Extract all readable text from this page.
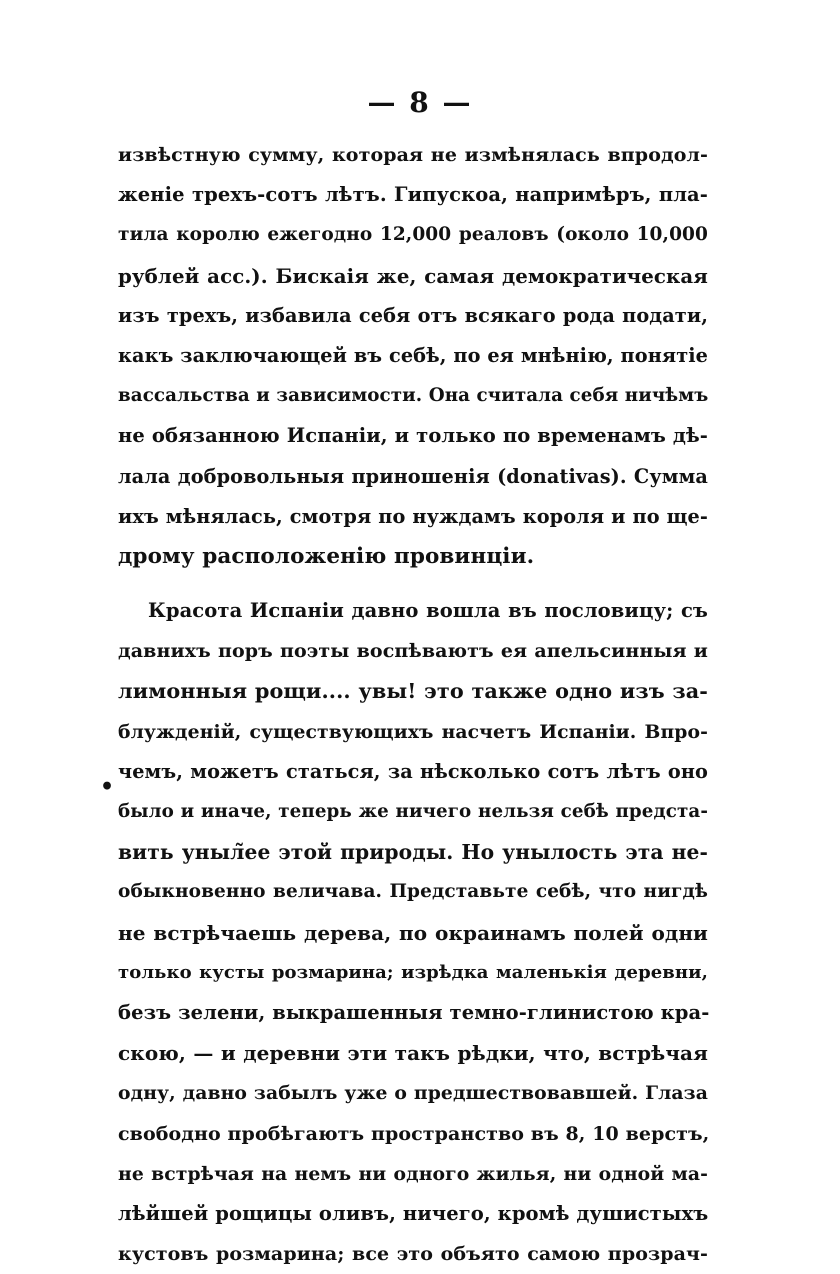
— 8 —
•
извѣстную сумму, которая не измѣнялась впродол-
женіе трехъ-сотъ лѣтъ. Гипускоа, напримѣръ, пла-
тила королю ежегодно 12,000 реаловъ (около 10,000
рублей асс.). Бискаія же, самая демократическая
изъ трехъ, избавила себя отъ всякаго рода подати,
какъ заключающей въ себѣ, по ея мнѣнію, понятіе
вассальства и зависимости. Она считала себя ничѣмъ
не обязанною Испаніи, и только по временамъ дѣ-
лала добровольныя приношенія (donativas). Сумма
ихъ мѣнялась, смотря по нуждамъ короля и по ще-
дрому расположенію провинціи.
Красота Испаніи давно вошла въ пословицу; съ
давнихъ поръ поэты воспѣваютъ ея апельсинныя и
лимонныя рощи.... увы! это также одно изъ за-
блужденій, существующихъ насчетъ Испаніи. Впро-
чемъ, можетъ статься, за нѣсколько сотъ лѣтъ оно
было и иначе, теперь же ничего нельзя себѣ предста-
вить уныл̃ее этой природы. Но унылость эта не-
обыкновенно величава. Представьте себѣ, что нигдѣ
не встрѣчаешь дерева, по окраинамъ полей одни
только кусты розмарина; изрѣдка маленькія деревни,
безъ зелени, выкрашенныя темно-глинистою кра-
скою, — и деревни эти такъ рѣдки, что, встрѣчая
одну, давно забылъ уже о предшествовавшей. Глаза
свободно пробѣгаютъ пространство въ 8, 10 верстъ,
не встрѣчая на немъ ни одного жилья, ни одной ма-
лѣйшей рощицы оливъ, ничего, кромѣ душистыхъ
кустовъ розмарина; все это объято самою прозрач-
